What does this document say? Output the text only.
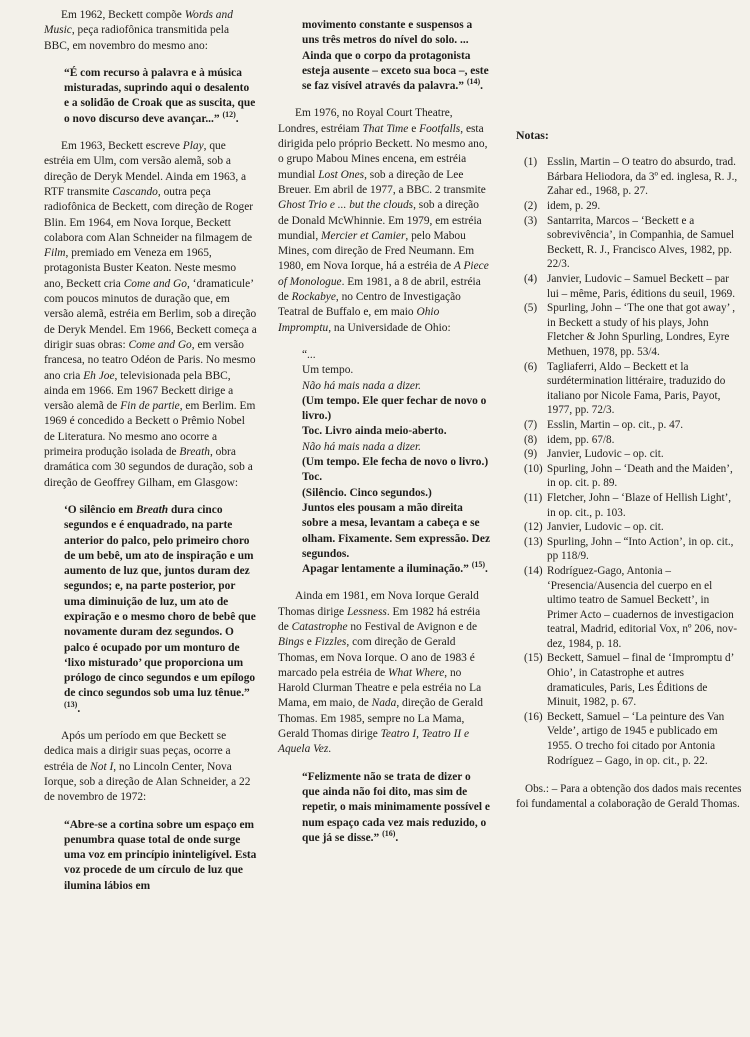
Em 1962, Beckett compõe Words and Music, peça radiofônica transmitida pela BBC, em novembro do mesmo ano:

“É com recurso à palavra e à música misturadas, suprindo aqui o desalento e a solidão de Croak que as suscita, que o novo discurso deve avançar...” $^{(12)}$.

Em 1963, Beckett escreve Play, que estréia em Ulm, com versão alemã, sob a direção de Deryk Mendel. Ainda em 1963, a RTF transmite Cascando, outra peça radiofônica de Beckett, com direção de Roger Blin. Em 1964, em Nova Iorque, Beckett colabora com Alan Schneider na filmagem de Film, premiado em Veneza em 1965, protagonista Buster Keaton. Neste mesmo ano, Beckett cria Come and Go, ‘dramaticule’ com poucos minutos de duração que, em versão alemã, estréia em Berlim, sob a direção de Deryk Mendel. Em 1966, Beckett começa a dirigir suas obras: Come and Go, em versão francesa, no teatro Odéon de Paris. No mesmo ano cria Eh Joe, televisionada pela BBC, ainda em 1966. Em 1967 Beckett dirige a versão alemã de Fin de partie, em Berlim. Em 1969 é concedido a Beckett o Prêmio Nobel de Literatura. No mesmo ano ocorre a primeira produção isolada de Breath, obra dramática com 30 segundos de duração, sob a direção de Geoffrey Gilham, em Glasgow:

‘O silêncio em Breath dura cinco segundos e é enquadrado, na parte anterior do palco, pelo primeiro choro de um bebê, um ato de inspiração e um aumento de luz que, juntos duram dez segundos; e, na parte posterior, por uma diminuição de luz, um ato de expiração e o mesmo choro de bebê que novamente duram dez segundos. O palco é ocupado por um monturo de ‘lixo misturado’ que proporciona um prólogo de cinco segundos e um epílogo de cinco segundos sob uma luz tênue.” $^{(13)}$.

Após um período em que Beckett se dedica mais a dirigir suas peças, ocorre a estréia de Not I, no Lincoln Center, Nova Iorque, sob a direção de Alan Schneider, a 22 de novembro de 1972:

“Abre-se a cortina sobre um espaço em penumbra quase total de onde surge uma voz em princípio ininteligível. Esta voz procede de um círculo de luz que ilumina lábios em

movimento constante e suspensos a uns três metros do nível do solo. ... Ainda que o corpo da protagonista esteja ausente – exceto sua boca –, este se faz visível através da palavra.” $^{(14)}$.

Em 1976, no Royal Court Theatre, Londres, estréiam That Time e Footfalls, esta dirigida pelo próprio Beckett. No mesmo ano, o grupo Mabou Mines encena, em estréia mundial Lost Ones, sob a direção de Lee Breuer. Em abril de 1977, a BBC. 2 transmite Ghost Trio e ... but the clouds, sob a direção de Donald McWhinnie. Em 1979, em estréia mundial, Mercier et Camier, pelo Mabou Mines, com direção de Fred Neumann. Em 1980, em Nova Iorque, há a estréia de A Piece of Monologue. Em 1981, a 8 de abril, estréia de Rockabye, no Centro de Investigação Teatral de Buffalo e, em maio Ohio Impromptu, na Universidade de Ohio:

“...

Um tempo.

Não há mais nada a dizer.

(Um tempo. Ele quer fechar de novo o livro.)

Toc. Livro ainda meio-aberto.

Não há mais nada a dizer.

(Um tempo. Ele fecha de novo o livro.)

Toc.

(Silêncio. Cinco segundos.)

Juntos eles pousam a mão direita sobre a mesa, levantam a cabeça e se olham. Fixamente. Sem expressão. Dez segundos.

Apagar lentamente a iluminação.” $^{(15)}$.

Ainda em 1981, em Nova Iorque Gerald Thomas dirige Lessness. Em 1982 há estréia de Catastrophe no Festival de Avignon e de Bings e Fizzles, com direção de Gerald Thomas, em Nova Iorque. O ano de 1983 é marcado pela estréia de What Where, no Harold Clurman Theatre e pela estréia no La Mama, em maio, de Nada, direção de Gerald Thomas. Em 1985, sempre no La Mama, Gerald Thomas dirige Teatro I, Teatro II e Aquela Vez.

“Felizmente não se trata de dizer o que ainda não foi dito, mas sim de repetir, o mais minimamente possível e num espaço cada vez mais reduzido, o que já se disse.” $^{(16)}$.

Notas:

(1) Esslin, Martin – O teatro do absurdo, trad. Bárbara Heliodora, da 3º ed. inglesa, R. J., Zahar ed., 1968, p. 27.
(2) idem, p. 29.
(3) Santarrita, Marcos – ‘Beckett e a sobrevivência’, in Companhia, de Samuel Beckett, R. J., Francisco Alves, 1982, pp. 22/3.
(4) Janvier, Ludovic – Samuel Beckett – par lui – même, Paris, éditions du seuil, 1969.
(5) Spurling, John – ‘The one that got away’ , in Beckett a study of his plays, John Fletcher & John Spurling, Londres, Eyre Methuen, 1978, pp. 53/4.
(6) Tagliaferri, Aldo – Beckett et la surdétermination littéraire, traduzido do italiano por Nicole Fama, Paris, Payot, 1977, pp. 72/3.
(7) Esslin, Martin – op. cit., p. 47.
(8) idem, pp. 67/8.
(9) Janvier, Ludovic – op. cit.
(10) Spurling, John – ‘Death and the Maiden’, in op. cit. p. 89.
(11) Fletcher, John – ‘Blaze of Hellish Light’, in op. cit., p. 103.
(12) Janvier, Ludovic – op. cit.
(13) Spurling, John – “Into Action’, in op. cit., pp 118/9.
(14) Rodríguez-Gago, Antonia – ‘Presencia/Ausencia del cuerpo en el ultimo teatro de Samuel Beckett’, in Primer Acto – cuadernos de investigacion teatral, Madrid, editorial Vox, nº 206, nov-dez, 1984, p. 18.
(15) Beckett, Samuel – final de ‘Impromptu d’ Ohio’, in Catastrophe et autres dramaticules, Paris, Les Éditions de Minuit, 1982, p. 67.
(16) Beckett, Samuel – ‘La peinture des Van Velde’, artigo de 1945 e publicado em 1955. O trecho foi citado por Antonia Rodríguez – Gago, in op. cit., p. 22.

Obs.: – Para a obtenção dos dados mais recentes foi fundamental a colaboração de Gerald Thomas.
